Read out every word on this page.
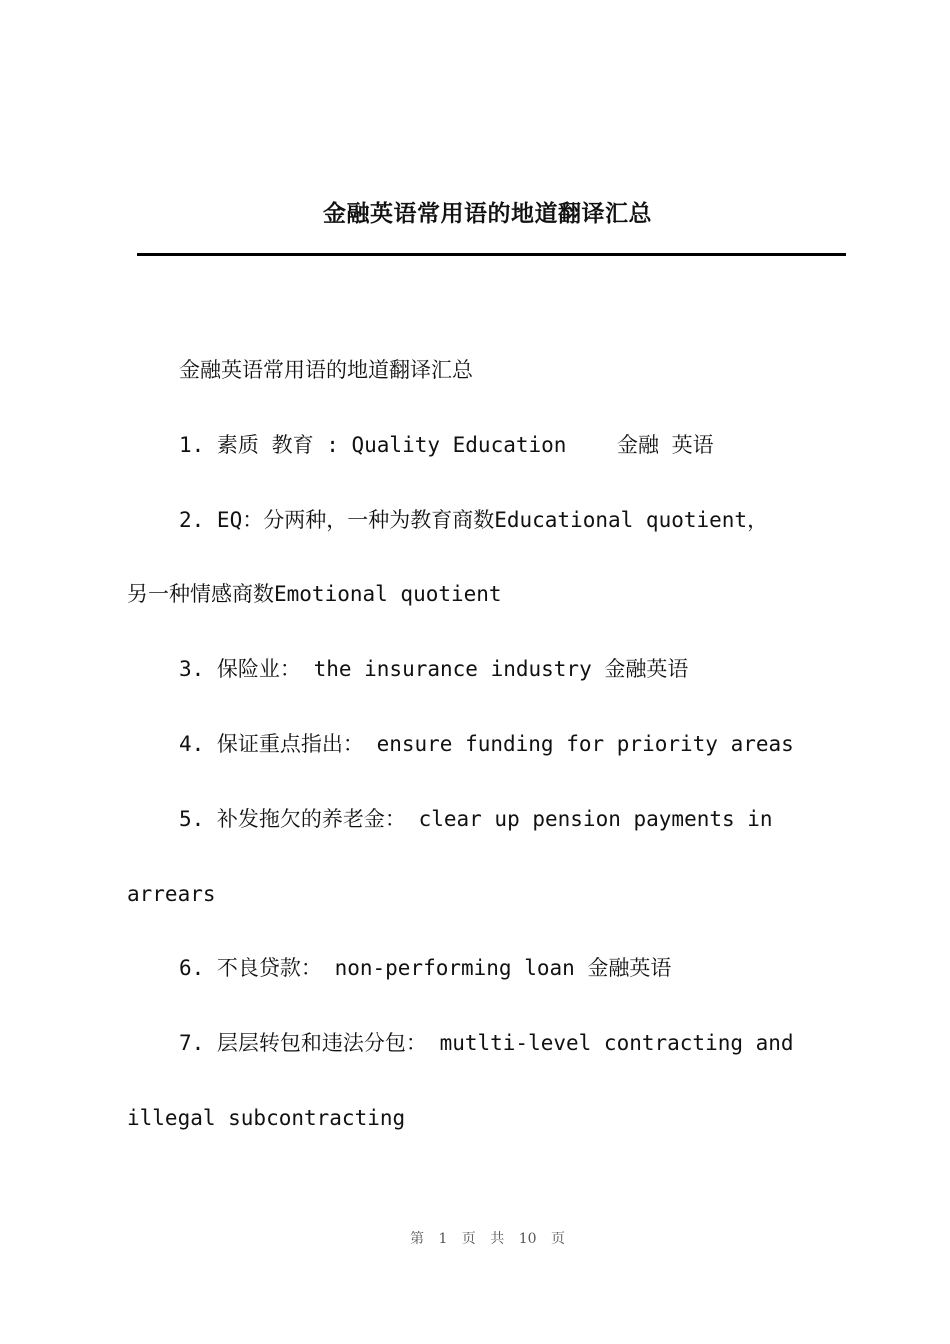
金融英语常用语的地道翻译汇总
金融英语常用语的地道翻译汇总
1. 素质 教育 : Quality Education    金融 英语
2. EQ：分两种，一种为教育商数Educational quotient，
另一种情感商数Emotional quotient
3. 保险业： the insurance industry 金融英语
4. 保证重点指出： ensure funding for priority areas
5. 补发拖欠的养老金： clear up pension payments in
arrears
6. 不良贷款： non-performing loan 金融英语
7. 层层转包和违法分包： mutlti-level contracting and
illegal subcontracting
第 1 页 共 10 页
